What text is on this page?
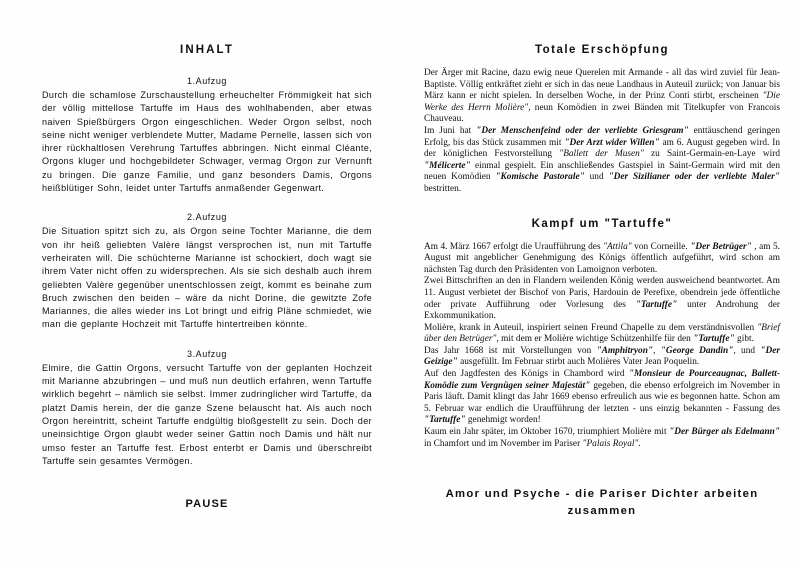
INHALT
1.Aufzug

Durch die schamlose Zurschaustellung erheuchelter Frömmigkeit hat sich der völlig mittellose Tartuffe im Haus des wohlhabenden, aber etwas naiven Spießbürgers Orgon eingeschlichen. Weder Orgon selbst, noch seine nicht weniger verblendete Mutter, Madame Pernelle, lassen sich von ihrer rückhaltlosen Verehrung Tartuffes abbringen. Nicht einmal Cléante, Orgons kluger und hochgebildeter Schwager, vermag Orgon zur Vernunft zu bringen. Die ganze Familie, und ganz besonders Damis, Orgons heißblütiger Sohn, leidet unter Tartuffs anmaßender Gegenwart.

2.Aufzug

Die Situation spitzt sich zu, als Orgon seine Tochter Marianne, die dem von ihr heiß geliebten Valère längst versprochen ist, nun mit Tartuffe verheiraten will. Die schüchterne Marianne ist schockiert, doch wagt sie ihrem Vater nicht offen zu widersprechen. Als sie sich deshalb auch ihrem geliebten Valère gegenüber unentschlossen zeigt, kommt es beinahe zum Bruch zwischen den beiden – wäre da nicht Dorine, die gewitzte Zofe Mariannes, die alles wieder ins Lot bringt und eifrig Pläne schmiedet, wie man die geplante Hochzeit mit Tartuffe hintertreiben könnte.

3.Aufzug

Elmire, die Gattin Orgons, versucht Tartuffe von der geplanten Hochzeit mit Marianne abzubringen – und muß nun deutlich erfahren, wenn Tartuffe wirklich begehrt – nämlich sie selbst. Immer zudringlicher wird Tartuffe, da platzt Damis herein, der die ganze Szene belauscht hat. Als auch noch Orgon hereintritt, scheint Tartuffe endgültig bloßgestellt zu sein. Doch der uneinsichtige Orgon glaubt weder seiner Gattin noch Damis und hält nur umso fester an Tartuffe fest. Erbost enterbt er Damis und überschreibt Tartuffe sein gesamtes Vermögen.

PAUSE
Totale Erschöpfung

Der Ärger mit Racine, dazu ewig neue Querelen mit Armande - all das wird zuviel für Jean-Baptiste. Völlig entkräftet zieht er sich in das neue Landhaus in Auteuil zurück; von Januar bis März kann er nicht spielen. In derselben Woche, in der Prinz Conti stirbt, erscheinen "Die Werke des Herrn Molière", neun Komödien in zwei Bänden mit Titelkupfer von Francois Chauveau.

Im Juni hat "Der Menschenfeind oder der verliebte Griesgram" enttäuschend geringen Erfolg, bis das Stück zusammen mit "Der Arzt wider Willen" am 6. August gegeben wird. In der königlichen Festvorstellung "Ballett der Musen" zu Saint-Germain-en-Laye wird "Mélicerte" einmal gespielt. Ein anschließendes Gastspiel in Saint-Germain wird mit den neuen Komödien "Komische Pastorale" und "Der Sizilianer oder der verliebte Maler" bestritten.

Kampf um "Tartuffe"

Am 4. März 1667 erfolgt die Uraufführung des "Attila" von Corneille. "Der Betrüger" , am 5. August mit angeblicher Genehmigung des Königs öffentlich aufgeführt, wird schon am nächsten Tag durch den Präsidenten von Lamoignon verboten.

Zwei Bittschriften an den in Flandern weilenden König werden ausweichend beantwortet. Am 11. August verbietet der Bischof von Paris, Hardouin de Perefixe, obendrein jede öffentliche oder private Aufführung oder Vorlesung des "Tartuffe" unter Androhung der Exkommunikation.

Molière, krank in Auteuil, inspiriert seinen Freund Chapelle zu dem verständnisvollen "Brief über den Betrüger", mit dem er Molière wichtige Schützenhilfe für den "Tartuffe" gibt.

Das Jahr 1668 ist mit Vorstellungen von "Amphitryon", "George Dandin", und "Der Geizige" ausgefüllt. Im Februar stirbt auch Molières Vater Jean Poquelin.

Auf den Jagdfesten des Königs in Chambord wird "Monsieur de Pourceaugnac, Ballett-Komödie zum Vergnügen seiner Majestät" gegeben, die ebenso erfolgreich im November in Paris läuft. Damit klingt das Jahr 1669 ebenso erfreulich aus wie es begonnen hatte. Schon am 5. Februar war endlich die Uraufführung der letzten - uns einzig bekannten - Fassung des "Tartuffe" genehmigt worden!

Kaum ein Jahr später, im Oktober 1670, triumphiert Molière mit "Der Bürger als Edelmann" in Chamfort und im November im Pariser "Palais Royal".

Amor und Psyche - die Pariser Dichter arbeiten
zusammen
